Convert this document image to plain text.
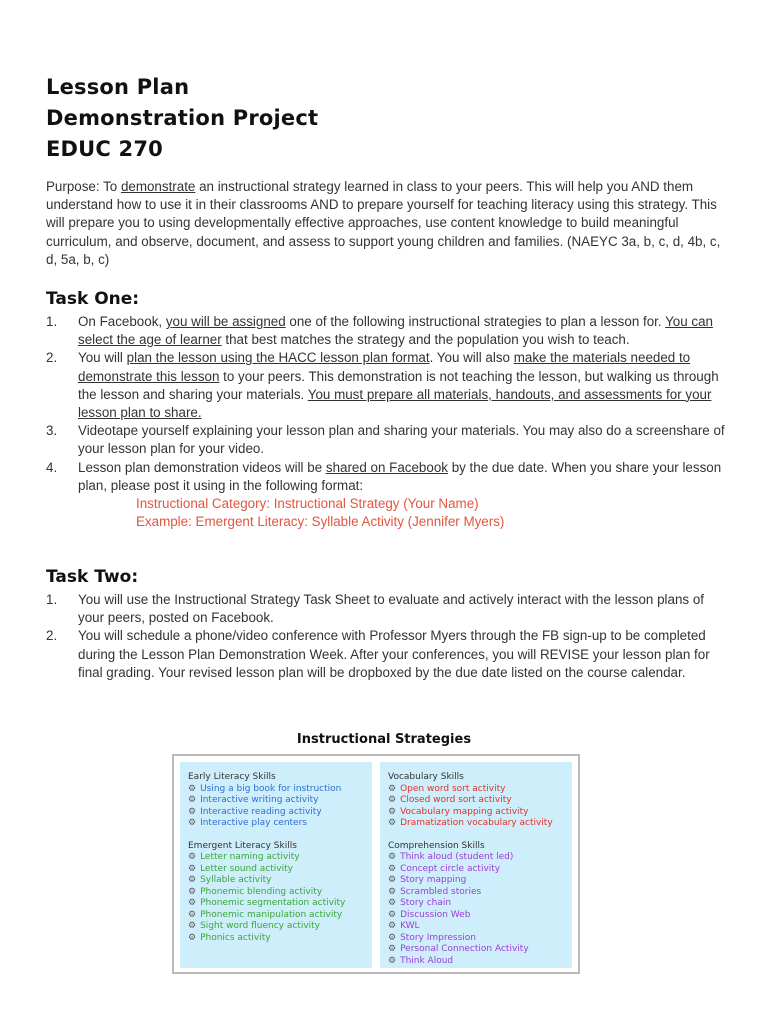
Lesson Plan
Demonstration Project
EDUC 270
Purpose: To demonstrate an instructional strategy learned in class to your peers. This will help you AND them understand how to use it in their classrooms AND to prepare yourself for teaching literacy using this strategy. This will prepare you to using developmentally effective approaches, use content knowledge to build meaningful curriculum, and observe, document, and assess to support young children and families. (NAEYC 3a, b, c, d, 4b, c, d, 5a, b, c)
Task One:
1. On Facebook, you will be assigned one of the following instructional strategies to plan a lesson for. You can select the age of learner that best matches the strategy and the population you wish to teach.
2. You will plan the lesson using the HACC lesson plan format. You will also make the materials needed to demonstrate this lesson to your peers. This demonstration is not teaching the lesson, but walking us through the lesson and sharing your materials. You must prepare all materials, handouts, and assessments for your lesson plan to share.
3. Videotape yourself explaining your lesson plan and sharing your materials. You may also do a screenshare of your lesson plan for your video.
4. Lesson plan demonstration videos will be shared on Facebook by the due date. When you share your lesson plan, please post it using in the following format:
Instructional Category: Instructional Strategy (Your Name)
Example: Emergent Literacy: Syllable Activity (Jennifer Myers)
Task Two:
1. You will use the Instructional Strategy Task Sheet to evaluate and actively interact with the lesson plans of your peers, posted on Facebook.
2. You will schedule a phone/video conference with Professor Myers through the FB sign-up to be completed during the Lesson Plan Demonstration Week. After your conferences, you will REVISE your lesson plan for final grading. Your revised lesson plan will be dropboxed by the due date listed on the course calendar.
Instructional Strategies
Early Literacy Skills
⚙ Using a big book for instruction
⚙ Interactive writing activity
⚙ Interactive reading activity
⚙ Interactive play centers
Emergent Literacy Skills
⚙ Letter naming activity
⚙ Letter sound activity
⚙ Syllable activity
⚙ Phonemic blending activity
⚙ Phonemic segmentation activity
⚙ Phonemic manipulation activity
⚙ Sight word fluency activity
⚙ Phonics activity
Vocabulary Skills
⚙ Open word sort activity
⚙ Closed word sort activity
⚙ Vocabulary mapping activity
⚙ Dramatization vocabulary activity
Comprehension Skills
⚙ Think aloud (student led)
⚙ Concept circle activity
⚙ Story mapping
⚙ Scrambled stories
⚙ Story chain
⚙ Discussion Web
⚙ KWL
⚙ Story Impression
⚙ Personal Connection Activity
⚙ Think Aloud
